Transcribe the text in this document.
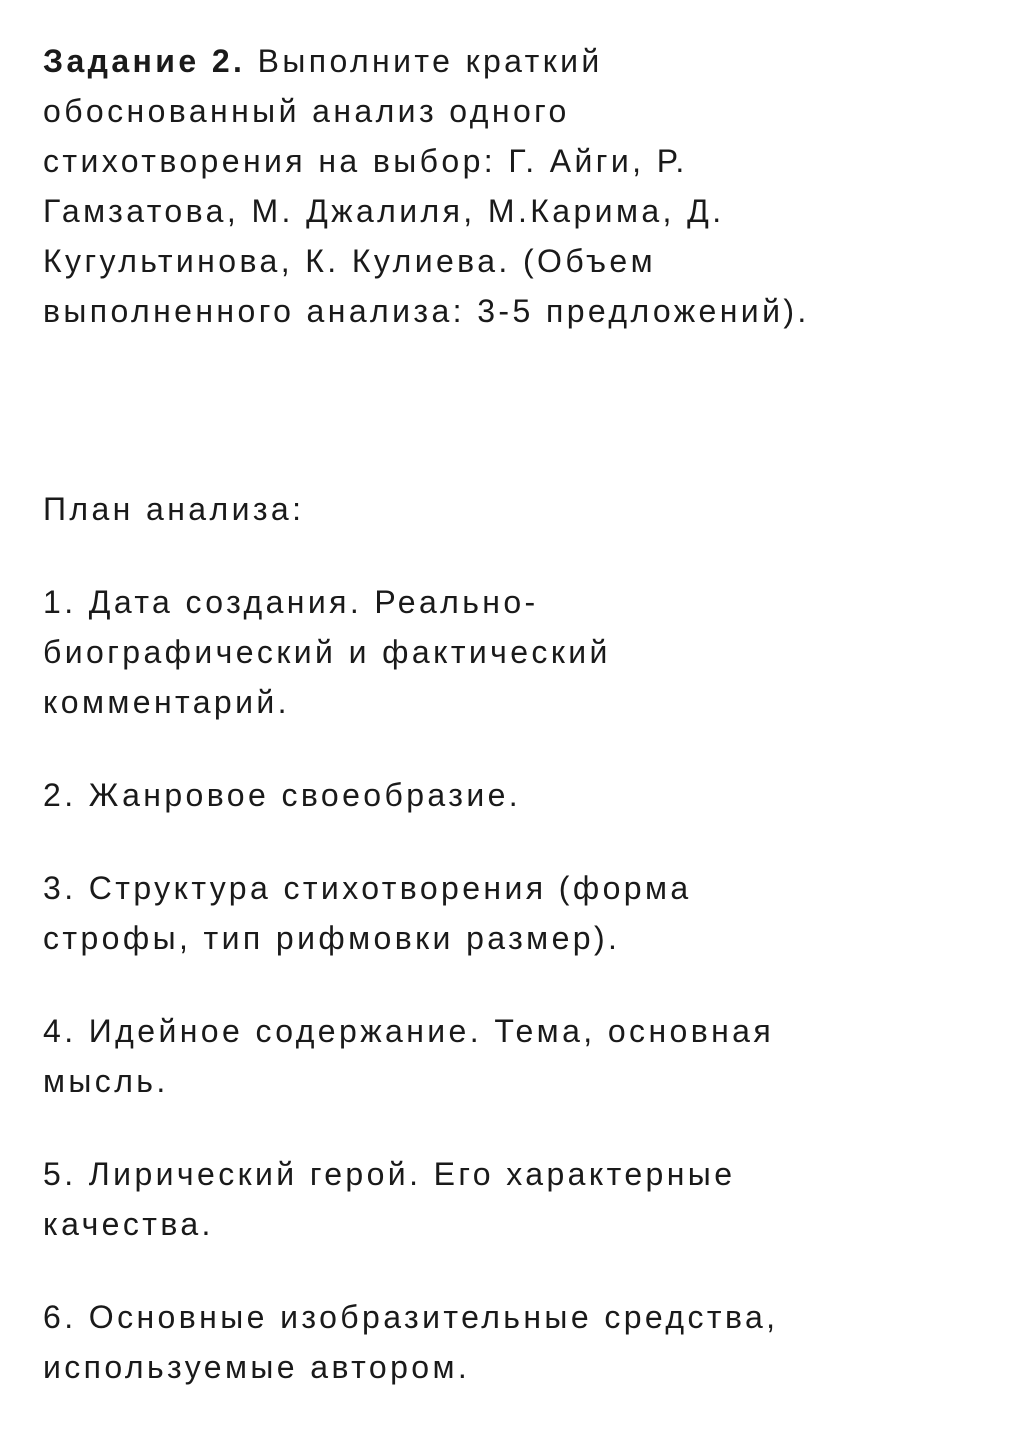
Задание 2. Выполните краткий
обоснованный анализ одного
стихотворения на выбор: Г. Айги, Р.
Гамзатова, М. Джалиля, М.Карима, Д.
Кугультинова, К. Кулиева. (Объем
выполненного анализа: 3-5 предложений).

План анализа:

1. Дата создания. Реально-
биографический и фактический
комментарий.
2. Жанровое своеобразие.
3. Структура стихотворения (форма
строфы, тип рифмовки размер).
4. Идейное содержание. Тема, основная
мысль.
5. Лирический герой. Его характерные
качества.
6. Основные изобразительные средства,
используемые автором.
